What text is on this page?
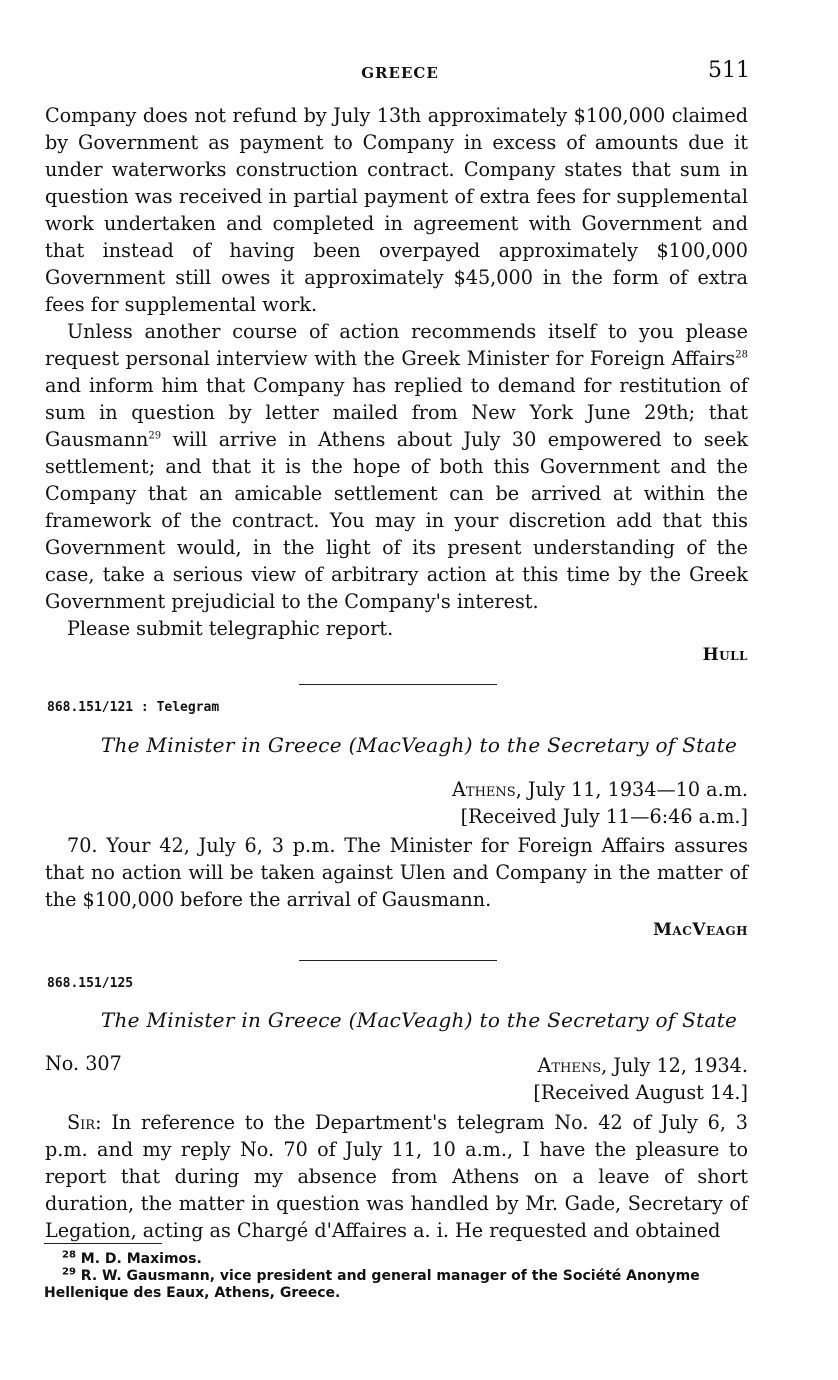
GREECE	511

Company does not refund by July 13th approximately $100,000 claimed by Government as payment to Company in excess of amounts due it under waterworks construction contract. Company states that sum in question was received in partial payment of extra fees for supplemental work undertaken and completed in agreement with Government and that instead of having been overpayed approximately $100,000 Government still owes it approximately $45,000 in the form of extra fees for supplemental work.

Unless another course of action recommends itself to you please request personal interview with the Greek Minister for Foreign Affairs$^{28}$ and inform him that Company has replied to demand for restitution of sum in question by letter mailed from New York June 29th; that Gausmann$^{29}$ will arrive in Athens about July 30 empowered to seek settlement; and that it is the hope of both this Government and the Company that an amicable settlement can be arrived at within the framework of the contract. You may in your discretion add that this Government would, in the light of its present understanding of the case, take a serious view of arbitrary action at this time by the Greek Government prejudicial to the Company's interest.

Please submit telegraphic report.

Hull
868.151/121 : Telegram
The Minister in Greece (MacVeagh) to the Secretary of State
Athens, July 11, 1934—10 a.m.
[Received July 11—6:46 a.m.]

70. Your 42, July 6, 3 p.m. The Minister for Foreign Affairs assures that no action will be taken against Ulen and Company in the matter of the $100,000 before the arrival of Gausmann.

MacVeagh
868.151/125
The Minister in Greece (MacVeagh) to the Secretary of State
No. 307	Athens, July 12, 1934.
[Received August 14.]

Sir: In reference to the Department's telegram No. 42 of July 6, 3 p.m. and my reply No. 70 of July 11, 10 a.m., I have the pleasure to report that during my absence from Athens on a leave of short duration, the matter in question was handled by Mr. Gade, Secretary of Legation, acting as Chargé d'Affaires a. i. He requested and obtained

$^{28}$ M. D. Maximos.

$^{29}$ R. W. Gausmann, vice president and general manager of the Société Anonyme Hellenique des Eaux, Athens, Greece.
